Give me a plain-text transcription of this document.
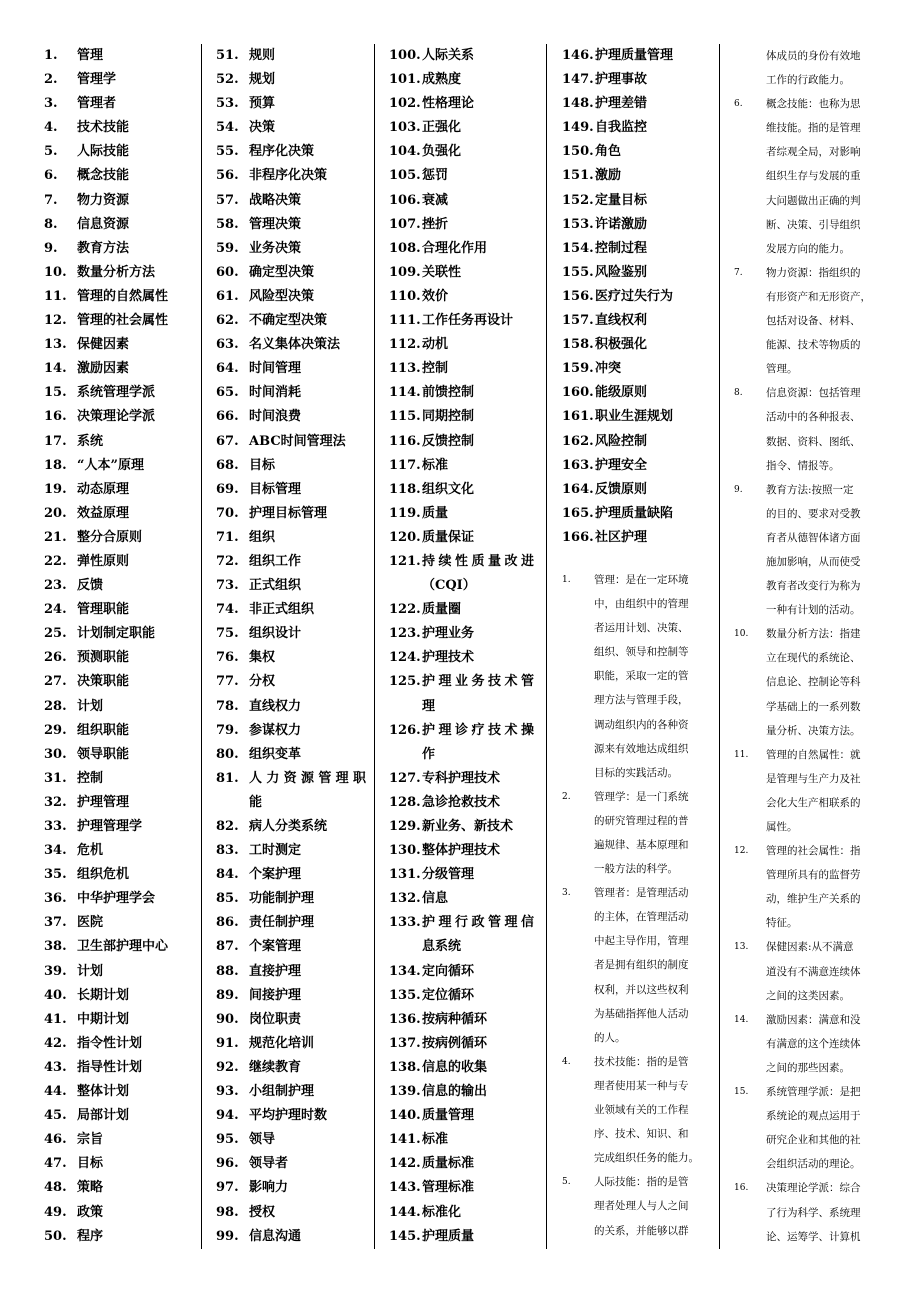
1.	管理
2.	管理学
3.	管理者
4.	技术技能
5.	人际技能
6.	概念技能
7.	物力资源
8.	信息资源
9.	教育方法
10. 数量分析方法
11. 管理的自然属性
12. 管理的社会属性
13. 保健因素
14. 激励因素
15. 系统管理学派
16. 决策理论学派
17. 系统
18. “人本”原理
19. 动态原理
20. 效益原理
21. 整分合原则
22. 弹性原则
23. 反馈
24. 管理职能
25. 计划制定职能
26. 预测职能
27. 决策职能
28. 计划
29. 组织职能
30. 领导职能
31. 控制
32. 护理管理
33. 护理管理学
34. 危机
35. 组织危机
36. 中华护理学会
37. 医院
38. 卫生部护理中心
39. 计划
40. 长期计划
41. 中期计划
42. 指令性计划
43. 指导性计划
44. 整体计划
45. 局部计划
46. 宗旨
47. 目标
48. 策略
49. 政策
50. 程序
51. 规则
52. 规划
53. 预算
54. 决策
55. 程序化决策
56. 非程序化决策
57. 战略决策
58. 管理决策
59. 业务决策
60. 确定型决策
61. 风险型决策
62. 不确定型决策
63. 名义集体决策法
64. 时间管理
65. 时间消耗
66. 时间浪费
67. ABC时间管理法
68. 目标
69. 目标管理
70. 护理目标管理
71. 组织
72. 组织工作
73. 正式组织
74. 非正式组织
75. 组织设计
76. 集权
77. 分权
78. 直线权力
79. 参谋权力
80. 组织变革
81. 人力资源管理职
能
82. 病人分类系统
83. 工时测定
84. 个案护理
85. 功能制护理
86. 责任制护理
87. 个案管理
88. 直接护理
89. 间接护理
90. 岗位职责
91. 规范化培训
92. 继续教育
93. 小组制护理
94. 平均护理时数
95. 领导
96. 领导者
97. 影响力
98. 授权
99. 信息沟通
100. 人际关系
101. 成熟度
102. 性格理论
103. 正强化
104. 负强化
105. 惩罚
106. 衰减
107. 挫折
108. 合理化作用
109. 关联性
110. 效价
111. 工作任务再设计
112. 动机
113. 控制
114. 前馈控制
115. 同期控制
116. 反馈控制
117. 标准
118. 组织文化
119. 质量
120. 质量保证
121. 持续性质量改进
（CQI）
122. 质量圈
123. 护理业务
124. 护理技术
125. 护理业务技术管
理
126. 护理诊疗技术操
作
127. 专科护理技术
128. 急诊抢救技术
129. 新业务、新技术
130. 整体护理技术
131. 分级管理
132. 信息
133. 护理行政管理信
息系统
134. 定向循环
135. 定位循环
136. 按病种循环
137. 按病例循环
138. 信息的收集
139. 信息的输出
140. 质量管理
141. 标准
142. 质量标准
143. 管理标准
144. 标准化
145. 护理质量
146. 护理质量管理
147. 护理事故
148. 护理差错
149. 自我监控
150. 角色
151. 激励
152. 定量目标
153. 许诺激励
154. 控制过程
155. 风险鉴别
156. 医疗过失行为
157. 直线权利
158. 积极强化
159. 冲突
160. 能级原则
161. 职业生涯规划
162. 风险控制
163. 护理安全
164. 反馈原则
165. 护理质量缺陷
166. 社区护理
1.	管理：是在一定环境
中，由组织中的管理
者运用计划、决策、
组织、领导和控制等
职能，采取一定的管
理方法与管理手段，
调动组织内的各种资
源来有效地达成组织
目标的实践活动。
2.	管理学：是一门系统
的研究管理过程的普
遍规律、基本原理和
一般方法的科学。
3.	管理者：是管理活动
的主体，在管理活动
中起主导作用，管理
者是拥有组织的制度
权利，并以这些权利
为基础指挥他人活动
的人。
4.	技术技能：指的是管
理者使用某一种与专
业领域有关的工作程
序、技术、知识、和
完成组织任务的能力。
5.	人际技能：指的是管
理者处理人与人之间
的关系，并能够以群
体成员的身份有效地
工作的行政能力。
6.	概念技能：也称为思
维技能。指的是管理
者综观全局，对影响
组织生存与发展的重
大问题做出正确的判
断、决策、引导组织
发展方向的能力。
7.	物力资源：指组织的
有形资产和无形资产，
包括对设备、材料、
能源、技术等物质的
管理。
8.	信息资源：包括管理
活动中的各种报表、
数据、资料、图纸、
指令、情报等。
9.	教育方法:按照一定
的目的、要求对受教
育者从德智体诸方面
施加影响，从而使受
教育者改变行为称为
一种有计划的活动。
10.	数量分析方法：指建
立在现代的系统论、
信息论、控制论等科
学基础上的一系列数
量分析、决策方法。
11.	管理的自然属性：就
是管理与生产力及社
会化大生产相联系的
属性。
12.	管理的社会属性：指
管理所具有的监督劳
动，维护生产关系的
特征。
13.	保健因素:从不满意
道没有不满意连续体
之间的这类因素。
14.	激励因素：满意和没
有满意的这个连续体
之间的那些因素。
15.	系统管理学派：是把
系统论的观点运用于
研究企业和其他的社
会组织活动的理论。
16.	决策理论学派：综合
了行为科学、系统理
论、运筹学、计算机
